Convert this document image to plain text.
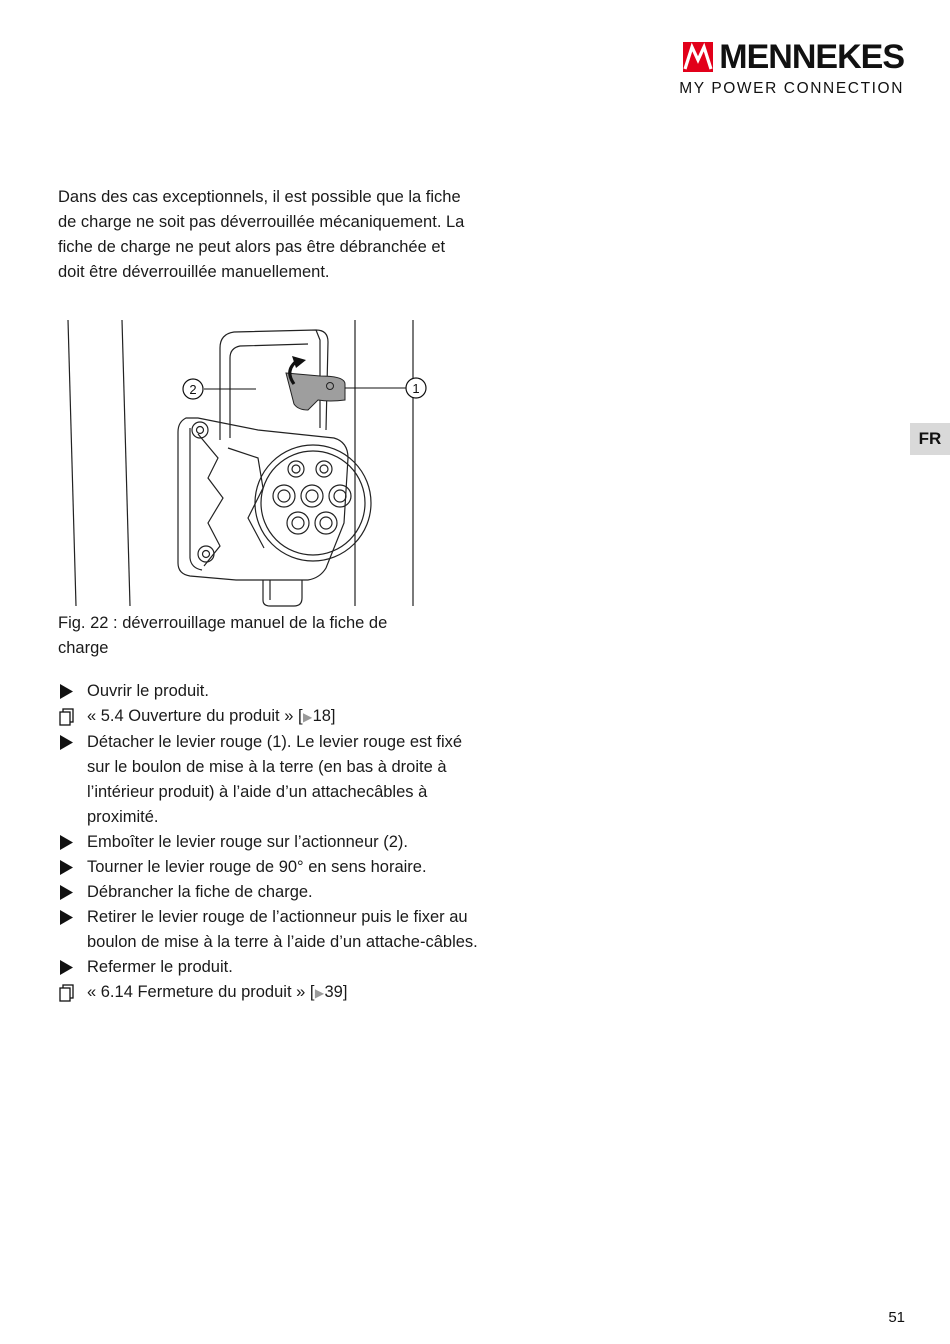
MENNEKES
MY POWER CONNECTION
FR

Dans des cas exceptionnels, il est possible que la fiche de charge ne soit pas déverrouillée mécaniquement. La fiche de charge ne peut alors pas être débranchée et doit être déverrouillée manuellement.

2	1

Fig. 22 : déverrouillage manuel de la fiche de charge

Ouvrir le produit.
« 5.4 Ouverture du produit » [▶18]
Détacher le levier rouge (1). Le levier rouge est fixé sur le boulon de mise à la terre (en bas à droite à l’intérieur produit) à l’aide d’un attachecâbles à proximité.
Emboîter le levier rouge sur l’actionneur (2).
Tourner le levier rouge de 90° en sens horaire.
Débrancher la fiche de charge.
Retirer le levier rouge de l’actionneur puis le fixer au boulon de mise à la terre à l’aide d’un attache-câbles.
Refermer le produit.
« 6.14 Fermeture du produit » [▶39]
51
